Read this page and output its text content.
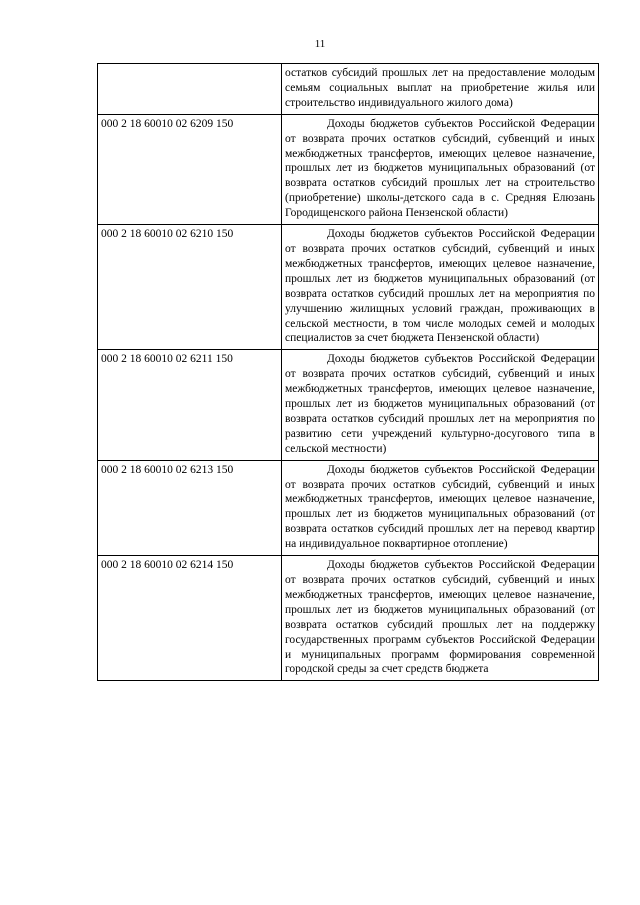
11
	остатков субсидий прошлых лет на предоставление молодым семьям социальных выплат на приобретение жилья или строительство индивидуального жилого дома)
000 2 18 60010 02 6209 150	Доходы бюджетов субъектов Российской Федерации от возврата прочих остатков субсидий, субвенций и иных межбюджетных трансфертов, имеющих целевое назначение, прошлых лет из бюджетов муниципальных образований (от возврата остатков субсидий прошлых лет на строительство (приобретение) школы-детского сада в с. Средняя Елюзань Городищенского района Пензенской области)
000 2 18 60010 02 6210 150	Доходы бюджетов субъектов Российской Федерации от возврата прочих остатков субсидий, субвенций и иных межбюджетных трансфертов, имеющих целевое назначение, прошлых лет из бюджетов муниципальных образований (от возврата остатков субсидий прошлых лет на мероприятия по улучшению жилищных условий граждан, проживающих в сельской местности, в том числе молодых семей и молодых специалистов за счет бюджета Пензенской области)
000 2 18 60010 02 6211 150	Доходы бюджетов субъектов Российской Федерации от возврата прочих остатков субсидий, субвенций и иных межбюджетных трансфертов, имеющих целевое назначение, прошлых лет из бюджетов муниципальных образований (от возврата остатков субсидий прошлых лет на мероприятия по развитию сети учреждений культурно-досугового типа в сельской местности)
000 2 18 60010 02 6213 150	Доходы бюджетов субъектов Российской Федерации от возврата прочих остатков субсидий, субвенций и иных межбюджетных трансфертов, имеющих целевое назначение, прошлых лет из бюджетов муниципальных образований (от возврата остатков субсидий прошлых лет на перевод квартир на индивидуальное поквартирное отопление)
000 2 18 60010 02 6214 150	Доходы бюджетов субъектов Российской Федерации от возврата прочих остатков субсидий, субвенций и иных межбюджетных трансфертов, имеющих целевое назначение, прошлых лет из бюджетов муниципальных образований (от возврата остатков субсидий прошлых лет на поддержку государственных программ субъектов Российской Федерации и муниципальных программ формирования современной городской среды за счет средств бюджета
